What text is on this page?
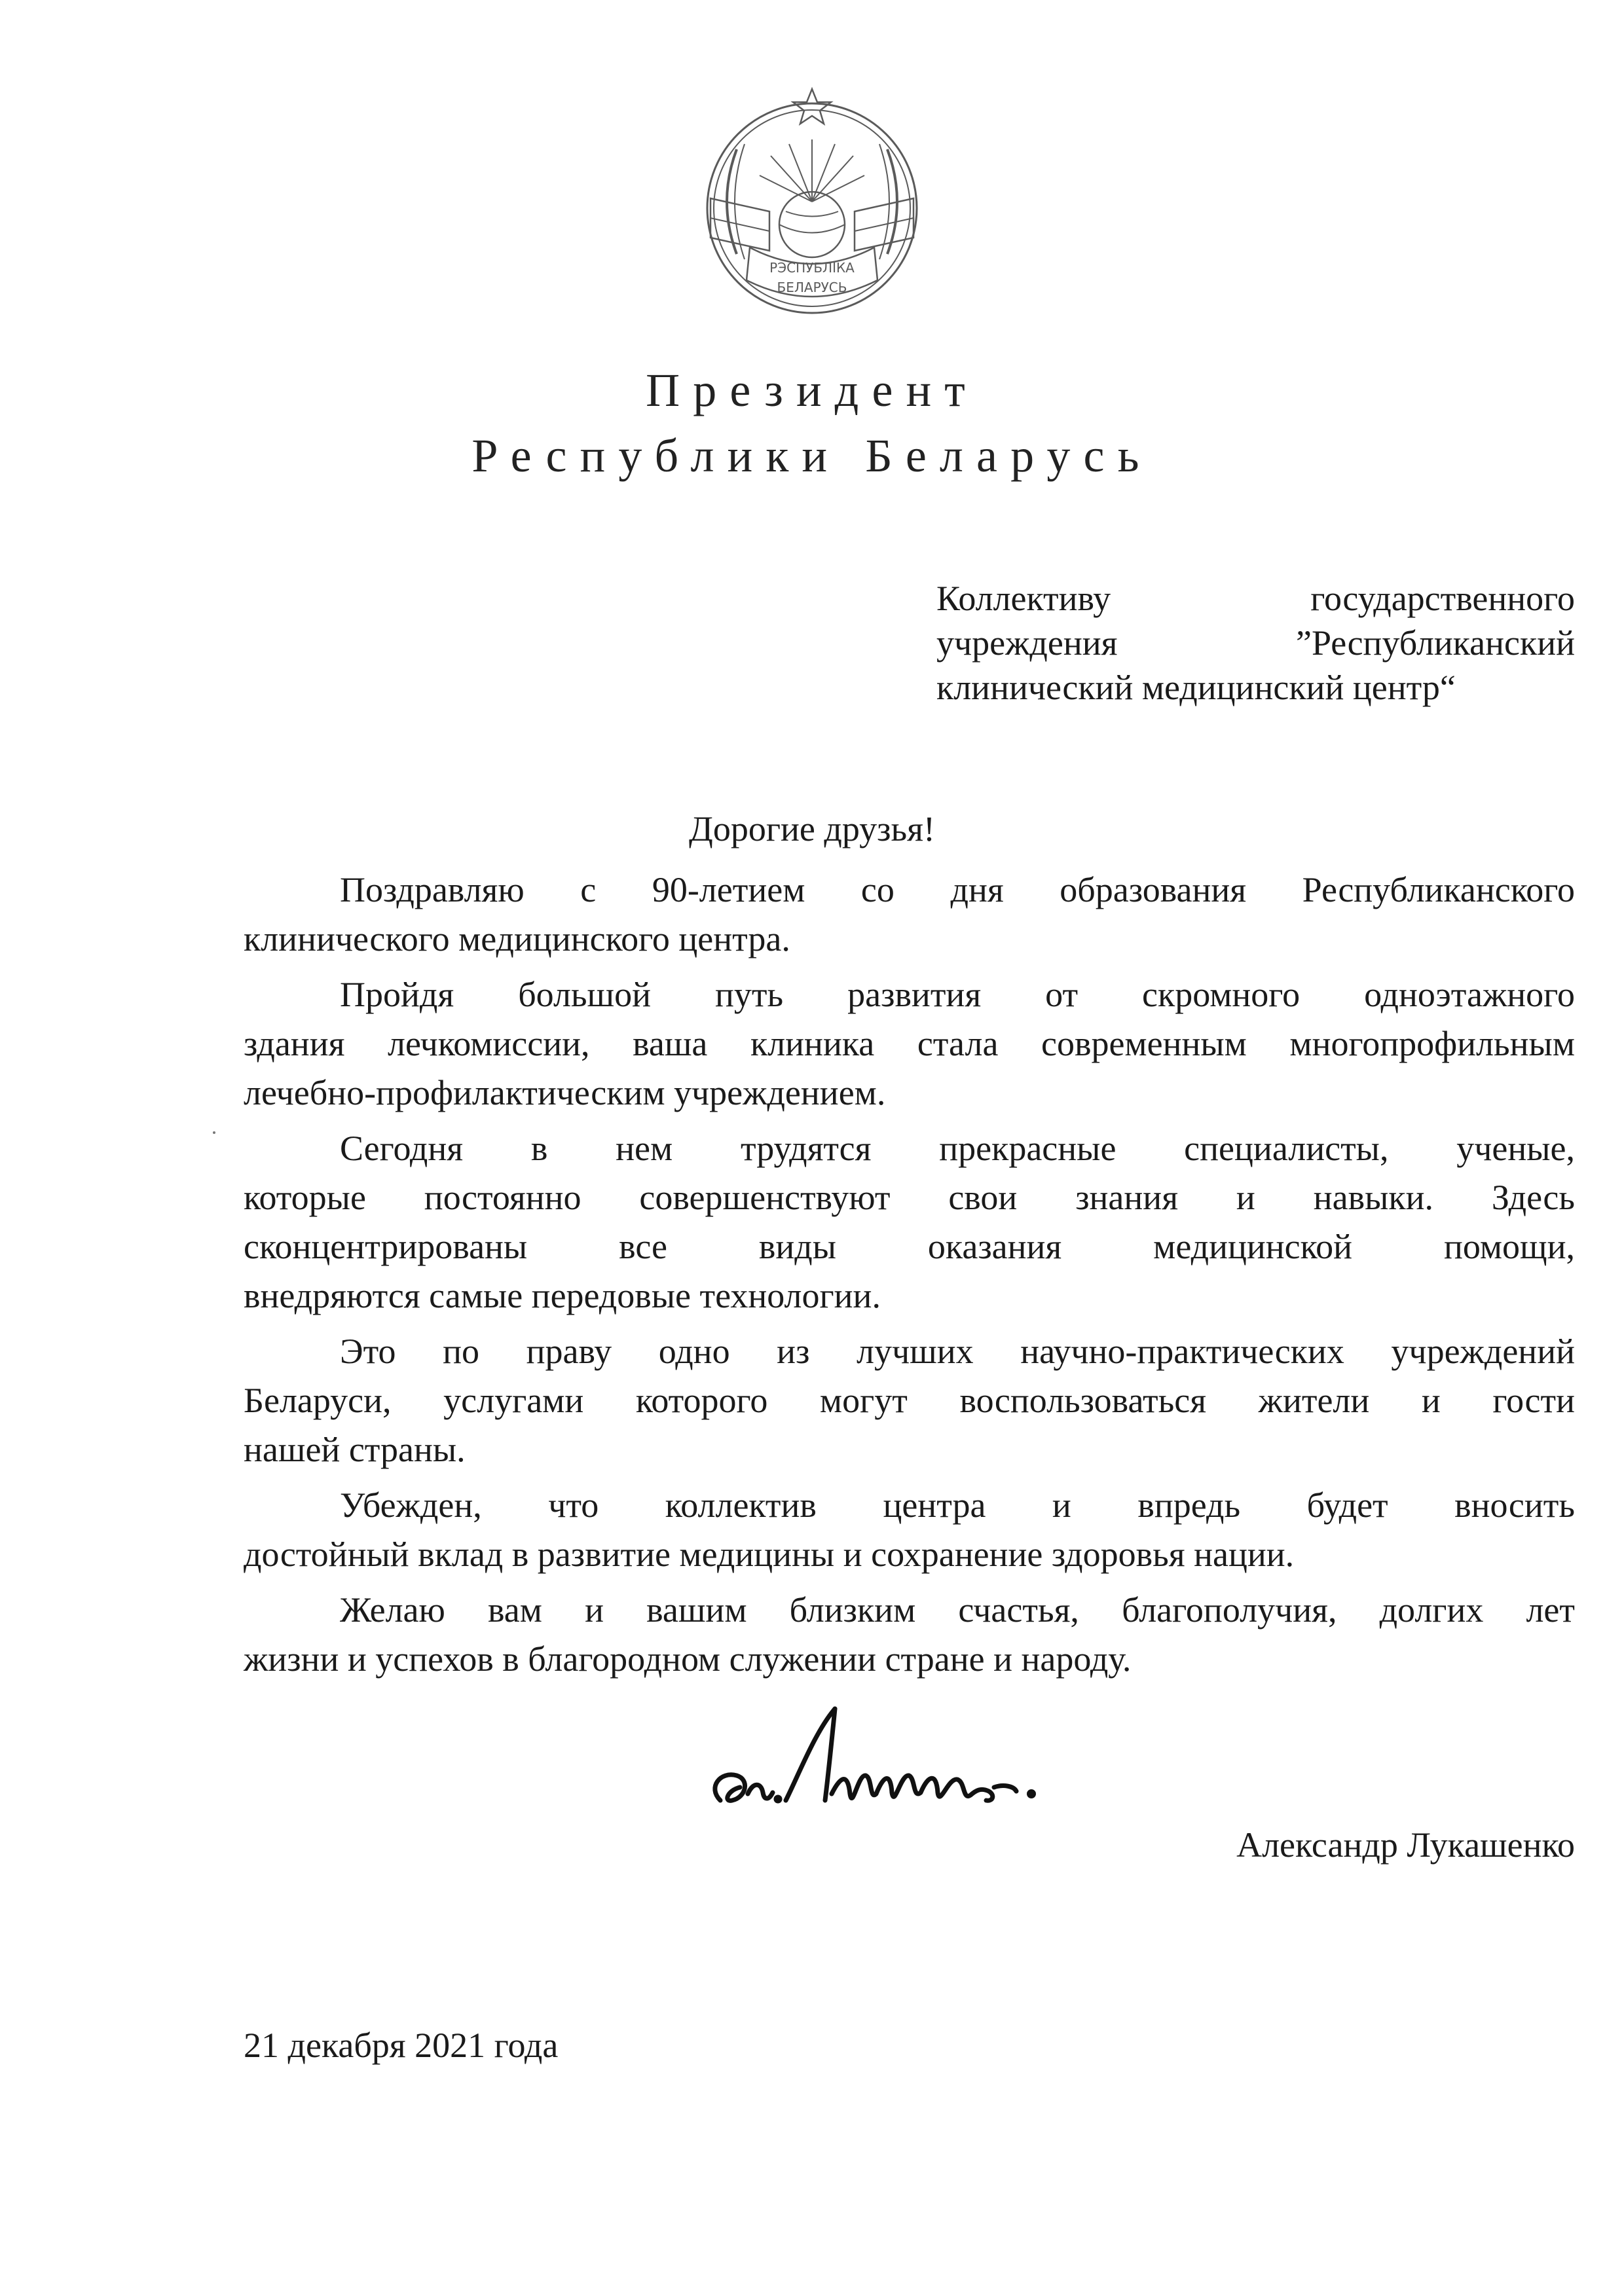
РЭСПУБЛІКА
БЕЛАРУСЬ
Президент
Республики Беларусь
Коллективу государственного
учреждения ”Республиканский
клинический медицинский центр“
Дорогие друзья!
Поздравляю с 90-летием со дня образования Республиканского
клинического медицинского центра.
Пройдя большой путь развития от скромного одноэтажного
здания лечкомиссии, ваша клиника стала современным многопрофильным
лечебно-профилактическим учреждением.
Сегодня в нем трудятся прекрасные специалисты, ученые,
которые постоянно совершенствуют свои знания и навыки. Здесь
сконцентрированы все виды оказания медицинской помощи,
внедряются самые передовые технологии.
Это по праву одно из лучших научно-практических учреждений
Беларуси, услугами которого могут воспользоваться жители и гости
нашей страны.
Убежден, что коллектив центра и впредь будет вносить
достойный вклад в развитие медицины и сохранение здоровья нации.
Желаю вам и вашим близким счастья, благополучия, долгих лет
жизни и успехов в благородном служении стране и народу.
Александр Лукашенко
21 декабря 2021 года
